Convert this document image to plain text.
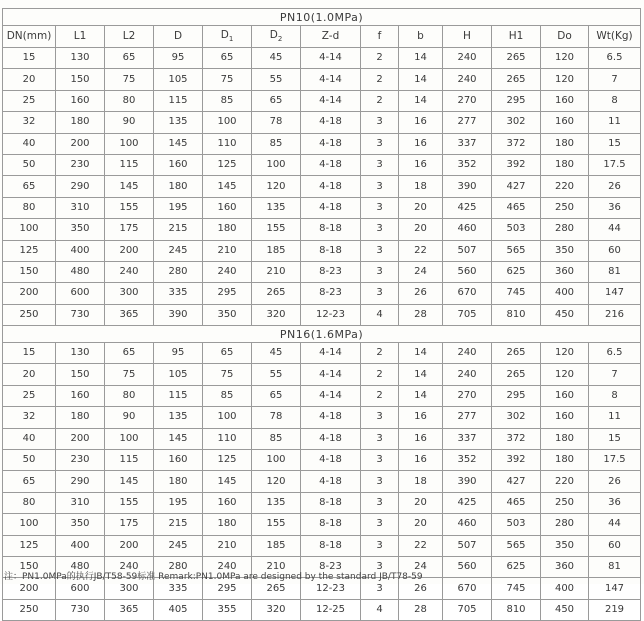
PN10(1.0MPa)												
DN(mm)	L1	L2	D	$D_1$	$D_2$	Z-d	f	b	H	H1	Do	Wt(Kg)
15	130	65	95	65	45	4-14	2	14	240	265	120	6.5
20	150	75	105	75	55	4-14	2	14	240	265	120	7
25	160	80	115	85	65	4-14	2	14	270	295	160	8
32	180	90	135	100	78	4-18	3	16	277	302	160	11
40	200	100	145	110	85	4-18	3	16	337	372	180	15
50	230	115	160	125	100	4-18	3	16	352	392	180	17.5
65	290	145	180	145	120	4-18	3	18	390	427	220	26
80	310	155	195	160	135	4-18	3	20	425	465	250	36
100	350	175	215	180	155	8-18	3	20	460	503	280	44
125	400	200	245	210	185	8-18	3	22	507	565	350	60
150	480	240	280	240	210	8-23	3	24	560	625	360	81
200	600	300	335	295	265	8-23	3	26	670	745	400	147
250	730	365	390	350	320	12-23	4	28	705	810	450	216
PN16(1.6MPa)												
15	130	65	95	65	45	4-14	2	14	240	265	120	6.5
20	150	75	105	75	55	4-14	2	14	240	265	120	7
25	160	80	115	85	65	4-14	2	14	270	295	160	8
32	180	90	135	100	78	4-18	3	16	277	302	160	11
40	200	100	145	110	85	4-18	3	16	337	372	180	15
50	230	115	160	125	100	4-18	3	16	352	392	180	17.5
65	290	145	180	145	120	4-18	3	18	390	427	220	26
80	310	155	195	160	135	8-18	3	20	425	465	250	36
100	350	175	215	180	155	8-18	3	20	460	503	280	44
125	400	200	245	210	185	8-18	3	22	507	565	350	60
150	480	240	280	240	210	8-23	3	24	560	625	360	81
200	600	300	335	295	265	12-23	3	26	670	745	400	147
250	730	365	405	355	320	12-25	4	28	705	810	450	219
注：PN1.0MPa的执行JB/T58-59标准 Remark:PN1.0MPa are designed by the standard JB/T78-59
